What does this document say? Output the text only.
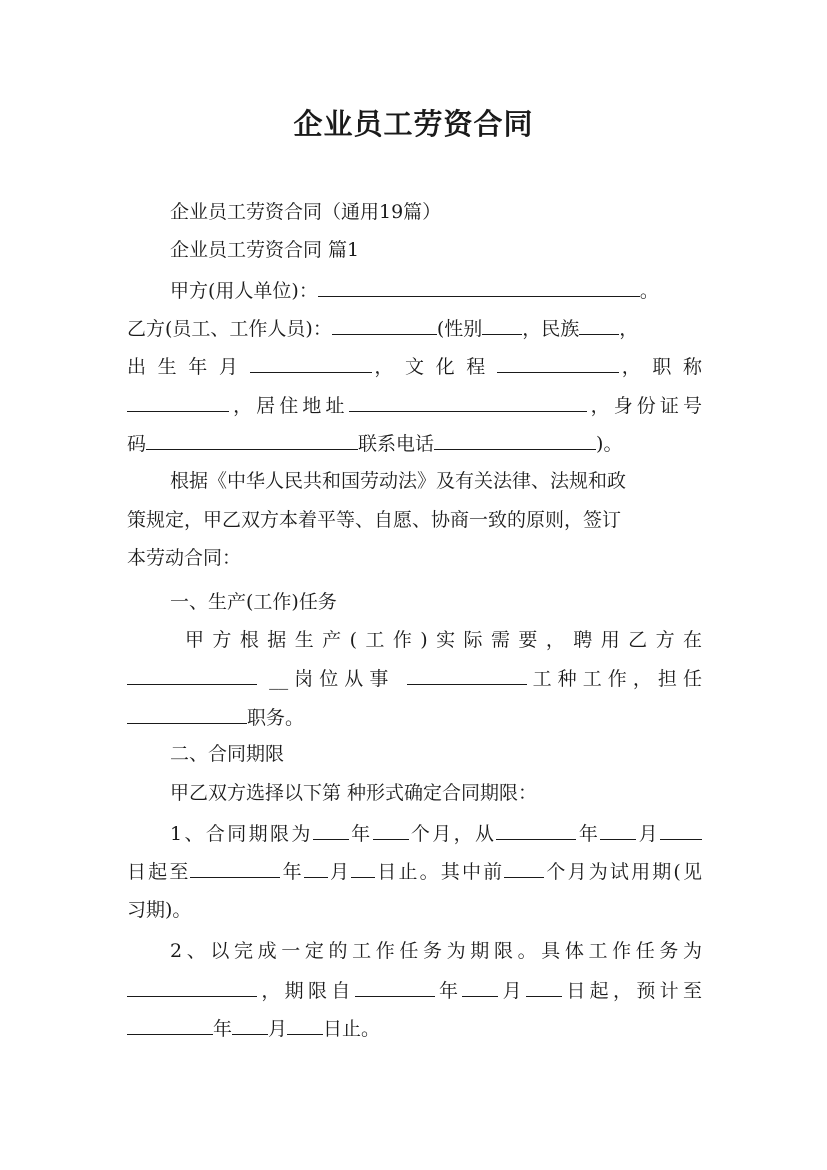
企业员工劳资合同
企业员工劳资合同（通用19篇）
企业员工劳资合同 篇1
甲方(用人单位)：	。
乙方(员工、工作人员)：	(性别 ，民族 ，
出 生 年 月	， 文 化 程	， 职 称
，居住地址	，身份证号
码	联系电话	)。
根据《中华人民共和国劳动法》及有关法律、法规和政
策规定，甲乙双方本着平等、自愿、协商一致的原则，签订
本劳动合同：
一、生产(工作)任务
甲方根据生产(工作)实际需要，聘用乙方在
__岗位从事	工种工作，担任
职务。
二、合同期限
甲乙双方选择以下第 种形式确定合同期限：
1、合同期限为 年 个月，从	年 月
日起至	年 月 日止。其中前 个月为试用期(见
习期)。
2、以完成一定的工作任务为期限。具体工作任务为
，期限自	年 月 日起，预计至
年 月 日止。
